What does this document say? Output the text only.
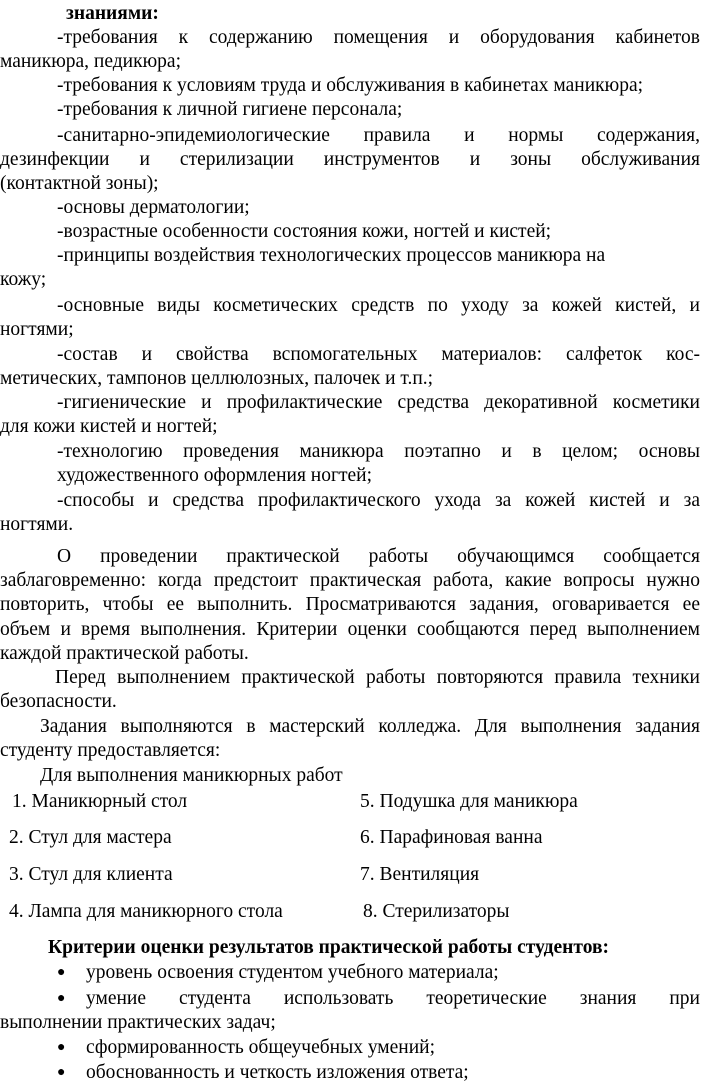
знаниями:
-требования к содержанию помещения и оборудования кабинетов
маникюра, педикюра;
-требования к условиям труда и обслуживания в кабинетах маникюра;
-требования к личной гигиене персонала;
-санитарно-эпидемиологические правила и нормы содержания,
дезинфекции и стерилизации инструментов и зоны обслуживания
(контактной зоны);
-основы дерматологии;
-возрастные особенности состояния кожи, ногтей и кистей;
-принципы воздействия технологических процессов маникюра на
кожу;
-основные виды косметических средств по уходу за кожей кистей, и
ногтями;
-состав и свойства вспомогательных материалов: салфеток кос-
метических, тампонов целлюлозных, палочек и т.п.;
-гигиенические и профилактические средства декоративной косметики
для кожи кистей и ногтей;
-технологию проведения маникюра поэтапно и в целом; основы
художественного оформления ногтей;
-способы и средства профилактического ухода за кожей кистей и за
ногтями.
О проведении практической работы обучающимся сообщается
заблаговременно: когда предстоит практическая работа, какие вопросы нужно
повторить, чтобы ее выполнить. Просматриваются задания, оговаривается ее
объем и время выполнения. Критерии оценки сообщаются перед выполнением
каждой практической работы.
Перед выполнением практической работы повторяются правила техники
безопасности.
Задания выполняются в мастерский колледжа. Для выполнения задания
студенту предоставляется:
Для выполнения маникюрных работ
1. Маникюрный стол	5. Подушка для маникюра
2. Стул для мастера	6. Парафиновая ванна
3. Стул для клиента	7. Вентиляция
4. Лампа для маникюрного стола	8. Стерилизаторы
Критерии оценки результатов практической работы студентов:
● уровень освоения студентом учебного материала;
● умение студента использовать теоретические знания при
выполнении практических задач;
● сформированность общеучебных умений;
● обоснованность и четкость изложения ответа;
